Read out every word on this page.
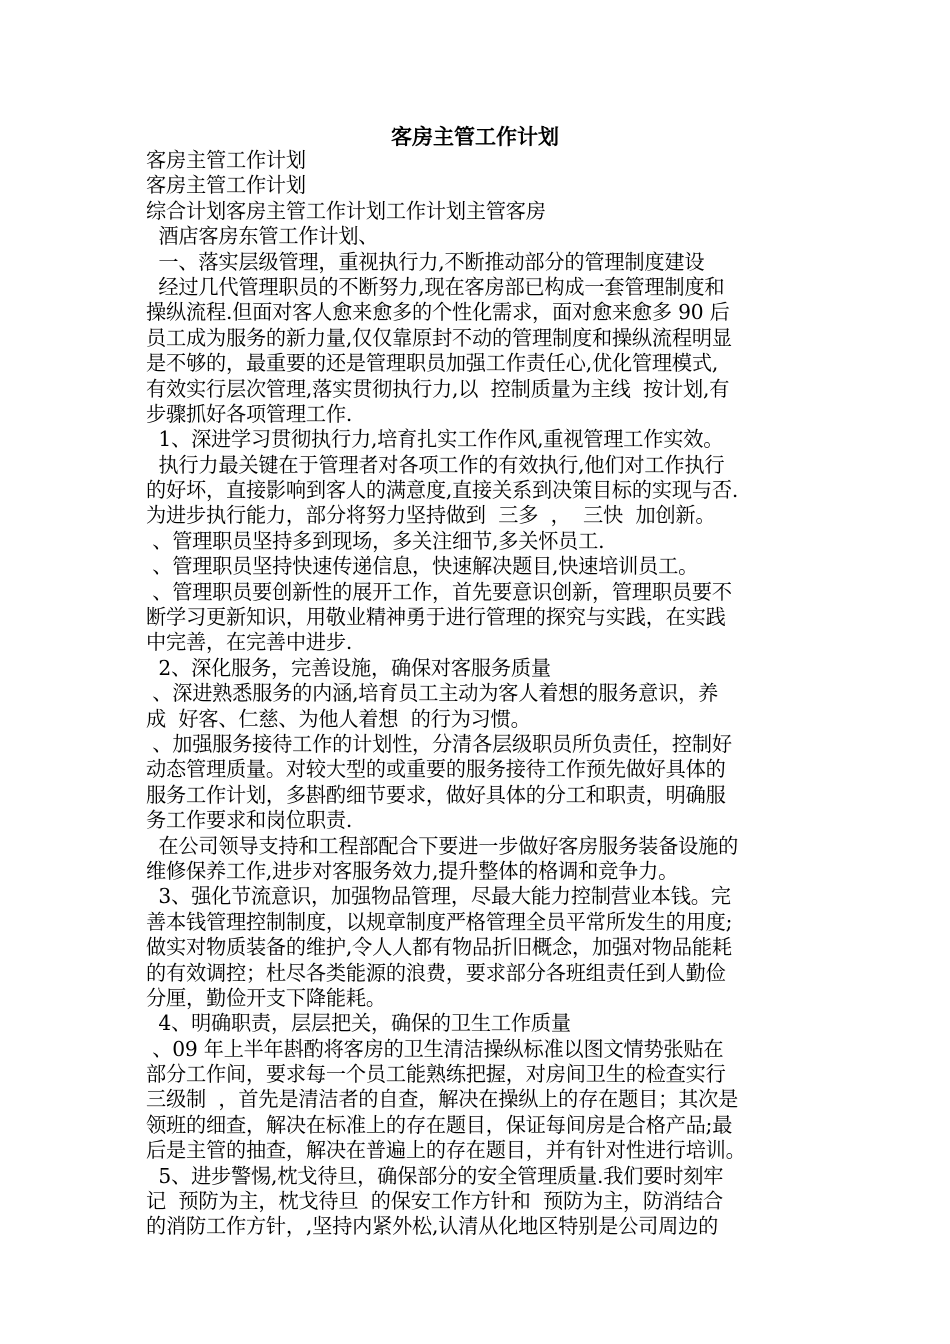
客房主管工作计划
客房主管工作计划
客房主管工作计划
综合计划客房主管工作计划工作计划主管客房
酒店客房东管工作计划、
一、落实层级管理，重视执行力,不断推动部分的管理制度建设
经过几代管理职员的不断努力,现在客房部已构成一套管理制度和
操纵流程.但面对客人愈来愈多的个性化需求，面对愈来愈多 90 后
员工成为服务的新力量,仅仅靠原封不动的管理制度和操纵流程明显
是不够的，最重要的还是管理职员加强工作责任心,优化管理模式,
有效实行层次管理,落实贯彻执行力,以  控制质量为主线  按计划,有
步骤抓好各项管理工作.
1、深进学习贯彻执行力,培育扎实工作作风,重视管理工作实效。
执行力最关键在于管理者对各项工作的有效执行,他们对工作执行
的好坏，直接影响到客人的满意度,直接关系到决策目标的实现与否.
为进步执行能力，部分将努力坚持做到  三多  ，  三快  加创新。
、管理职员坚持多到现场，多关注细节,多关怀员工.
、管理职员坚持快速传递信息，快速解决题目,快速培训员工。
、管理职员要创新性的展开工作，首先要意识创新，管理职员要不
断学习更新知识，用敬业精神勇于进行管理的探究与实践，在实践
中完善，在完善中进步.
2、深化服务，完善设施，确保对客服务质量
、深进熟悉服务的内涵,培育员工主动为客人着想的服务意识，养
成  好客、仁慈、为他人着想  的行为习惯。
、加强服务接待工作的计划性，分清各层级职员所负责任，控制好
动态管理质量。对较大型的或重要的服务接待工作预先做好具体的
服务工作计划，多斟酌细节要求，做好具体的分工和职责，明确服
务工作要求和岗位职责.
在公司领导支持和工程部配合下要进一步做好客房服务装备设施的
维修保养工作,进步对客服务效力,提升整体的格调和竞争力。
3、强化节流意识，加强物品管理，尽最大能力控制营业本钱。完
善本钱管理控制制度，以规章制度严格管理全员平常所发生的用度;
做实对物质装备的维护,令人人都有物品折旧概念，加强对物品能耗
的有效调控；杜尽各类能源的浪费，要求部分各班组责任到人勤俭
分厘，勤俭开支下降能耗。
4、明确职责，层层把关，确保的卫生工作质量
、09 年上半年斟酌将客房的卫生清洁操纵标准以图文情势张贴在
部分工作间，要求每一个员工能熟练把握，对房间卫生的检查实行
三级制  ，首先是清洁者的自查，解决在操纵上的存在题目；其次是
领班的细查，解决在标准上的存在题目，保证每间房是合格产品;最
后是主管的抽查，解决在普遍上的存在题目，并有针对性进行培训。
5、进步警惕,枕戈待旦，确保部分的安全管理质量.我们要时刻牢
记  预防为主，枕戈待旦  的保安工作方针和  预防为主，防消结合
的消防工作方针，,坚持内紧外松,认清从化地区特别是公司周边的
